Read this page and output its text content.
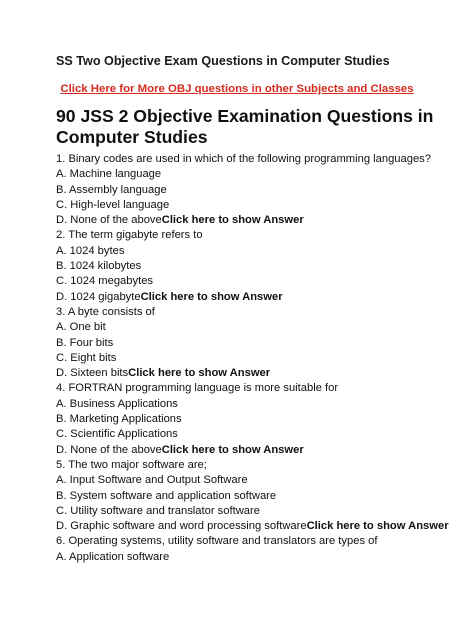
SS Two Objective Exam Questions in Computer Studies
Click Here for More OBJ questions in other Subjects and Classes
90 JSS 2 Objective Examination Questions in Computer Studies
1. Binary codes are used in which of the following programming languages?
A. Machine language
B. Assembly language
C. High-level language
D. None of the aboveClick here to show Answer
2. The term gigabyte refers to
A. 1024 bytes
B. 1024 kilobytes
C. 1024 megabytes
D. 1024 gigabyteClick here to show Answer
3. A byte consists of
A. One bit
B. Four bits
C. Eight bits
D. Sixteen bitsClick here to show Answer
4. FORTRAN programming language is more suitable for
A. Business Applications
B. Marketing Applications
C. Scientific Applications
D. None of the aboveClick here to show Answer
5. The two major software are;
A. Input Software and Output Software
B. System software and application software
C. Utility software and translator software
D. Graphic software and word processing softwareClick here to show Answer
6. Operating systems, utility software and translators are types of
A. Application software
